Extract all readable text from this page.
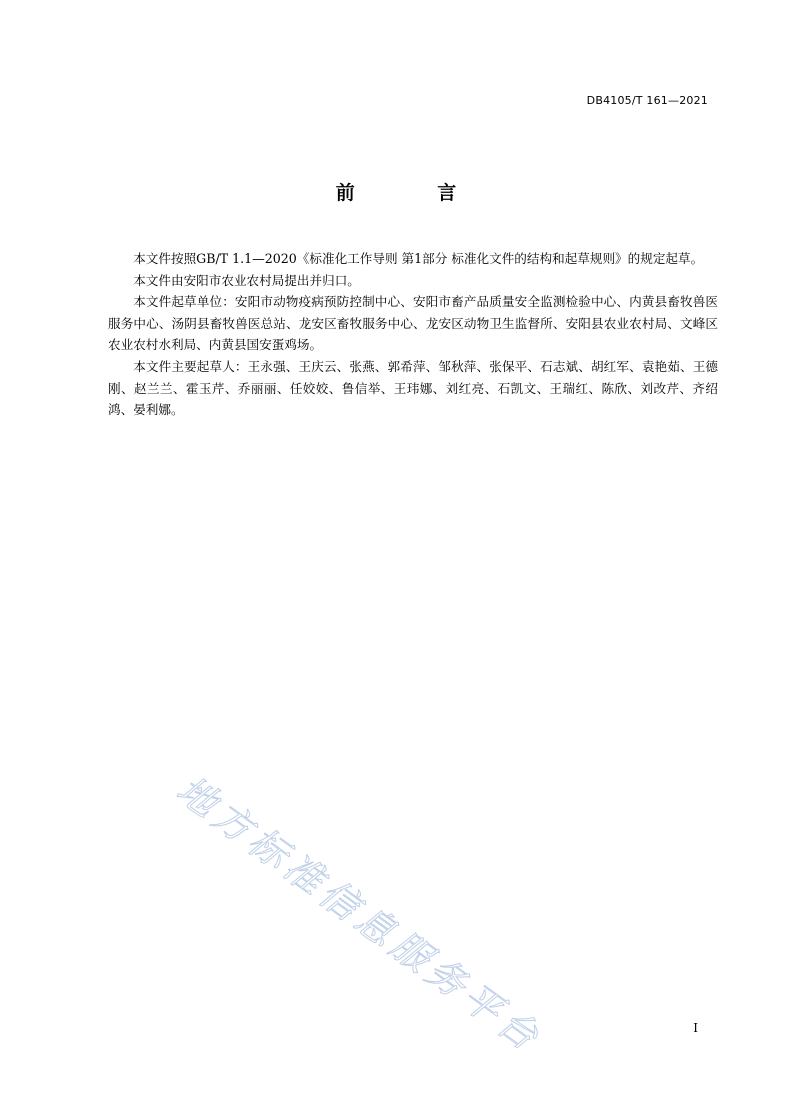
DB4105/T 161—2021
前 言

本文件按照GB/T 1.1—2020《标准化工作导则 第1部分 标准化文件的结构和起草规则》的规定起草。

本文件由安阳市农业农村局提出并归口。

本文件起草单位：安阳市动物疫病预防控制中心、安阳市畜产品质量安全监测检验中心、内黄县畜牧兽医服务中心、汤阴县畜牧兽医总站、龙安区畜牧服务中心、龙安区动物卫生监督所、安阳县农业农村局、文峰区农业农村水利局、内黄县国安蛋鸡场。

本文件主要起草人：王永强、王庆云、张燕、郭希萍、邹秋萍、张保平、石志斌、胡红军、袁艳茹、王德刚、赵兰兰、霍玉芹、乔丽丽、任姣姣、鲁信举、王玮娜、刘红亮、石凯文、王瑞红、陈欣、刘改芹、齐绍鸿、晏利娜。

地方标准信息服务平台	I
